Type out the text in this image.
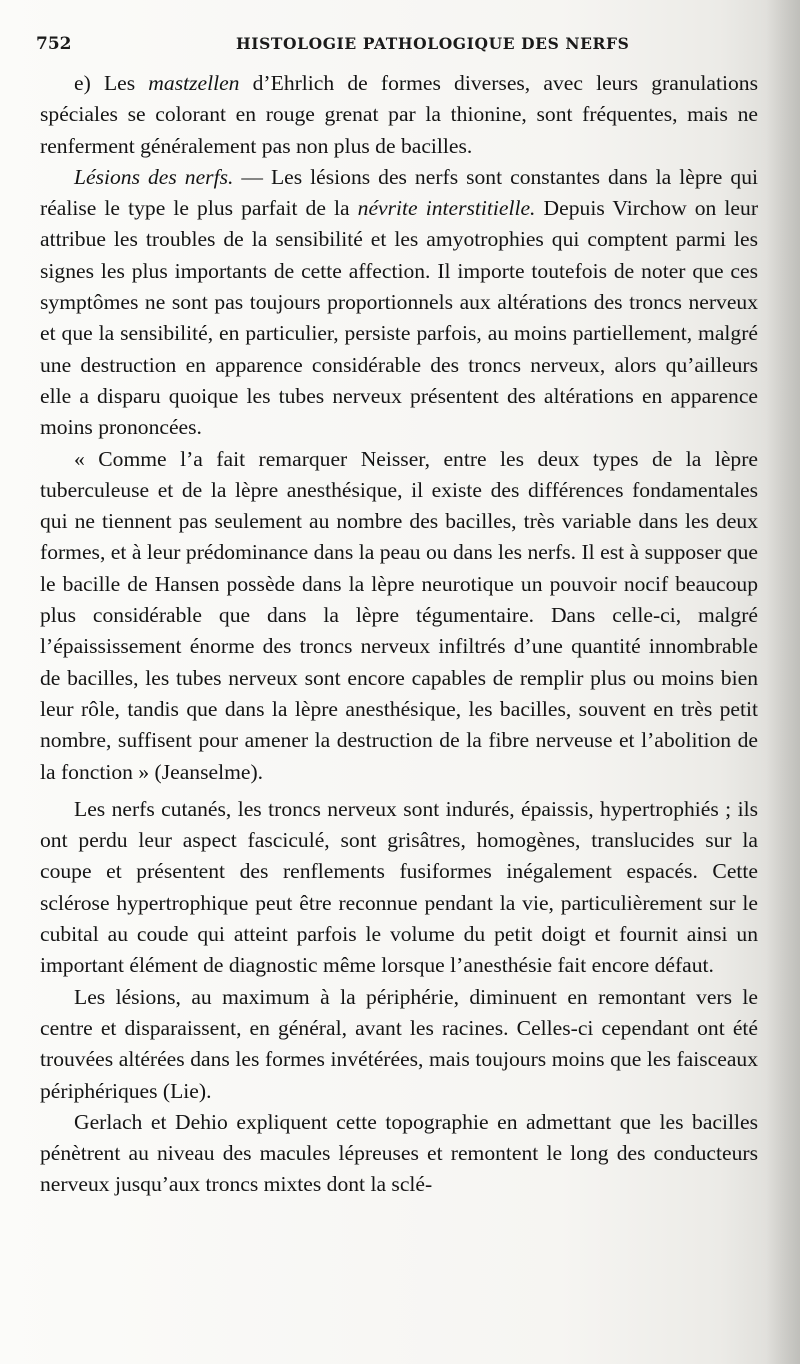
752	HISTOLOGIE PATHOLOGIQUE DES NERFS

e) Les mastzellen d’Ehrlich de formes diverses, avec leurs granulations spéciales se colorant en rouge grenat par la thionine, sont fréquentes, mais ne renferment généralement pas non plus de bacilles.

Lésions des nerfs. — Les lésions des nerfs sont constantes dans la lèpre qui réalise le type le plus parfait de la névrite interstitielle. Depuis Virchow on leur attribue les troubles de la sensibilité et les amyotrophies qui comptent parmi les signes les plus importants de cette affection. Il importe toutefois de noter que ces symptômes ne sont pas toujours proportionnels aux altérations des troncs nerveux et que la sensibilité, en particulier, persiste parfois, au moins partiellement, malgré une destruction en apparence considérable des troncs nerveux, alors qu’ailleurs elle a disparu quoique les tubes nerveux présentent des altérations en apparence moins prononcées.

« Comme l’a fait remarquer Neisser, entre les deux types de la lèpre tuberculeuse et de la lèpre anesthésique, il existe des différences fondamentales qui ne tiennent pas seulement au nombre des bacilles, très variable dans les deux formes, et à leur prédominance dans la peau ou dans les nerfs. Il est à supposer que le bacille de Hansen possède dans la lèpre neurotique un pouvoir nocif beaucoup plus considérable que dans la lèpre tégumentaire. Dans celle-ci, malgré l’épaississement énorme des troncs nerveux infiltrés d’une quantité innombrable de bacilles, les tubes nerveux sont encore capables de remplir plus ou moins bien leur rôle, tandis que dans la lèpre anesthésique, les bacilles, souvent en très petit nombre, suffisent pour amener la destruction de la fibre nerveuse et l’abolition de la fonction » (Jeanselme).

Les nerfs cutanés, les troncs nerveux sont indurés, épaissis, hypertrophiés ; ils ont perdu leur aspect fasciculé, sont grisâtres, homogènes, translucides sur la coupe et présentent des renflements fusiformes inégalement espacés. Cette sclérose hypertrophique peut être reconnue pendant la vie, particulièrement sur le cubital au coude qui atteint parfois le volume du petit doigt et fournit ainsi un important élément de diagnostic même lorsque l’anesthésie fait encore défaut.

Les lésions, au maximum à la périphérie, diminuent en remontant vers le centre et disparaissent, en général, avant les racines. Celles-ci cependant ont été trouvées altérées dans les formes invétérées, mais toujours moins que les faisceaux périphériques (Lie).

Gerlach et Dehio expliquent cette topographie en admettant que les bacilles pénètrent au niveau des macules lépreuses et remontent le long des conducteurs nerveux jusqu’aux troncs mixtes dont la sclé-
